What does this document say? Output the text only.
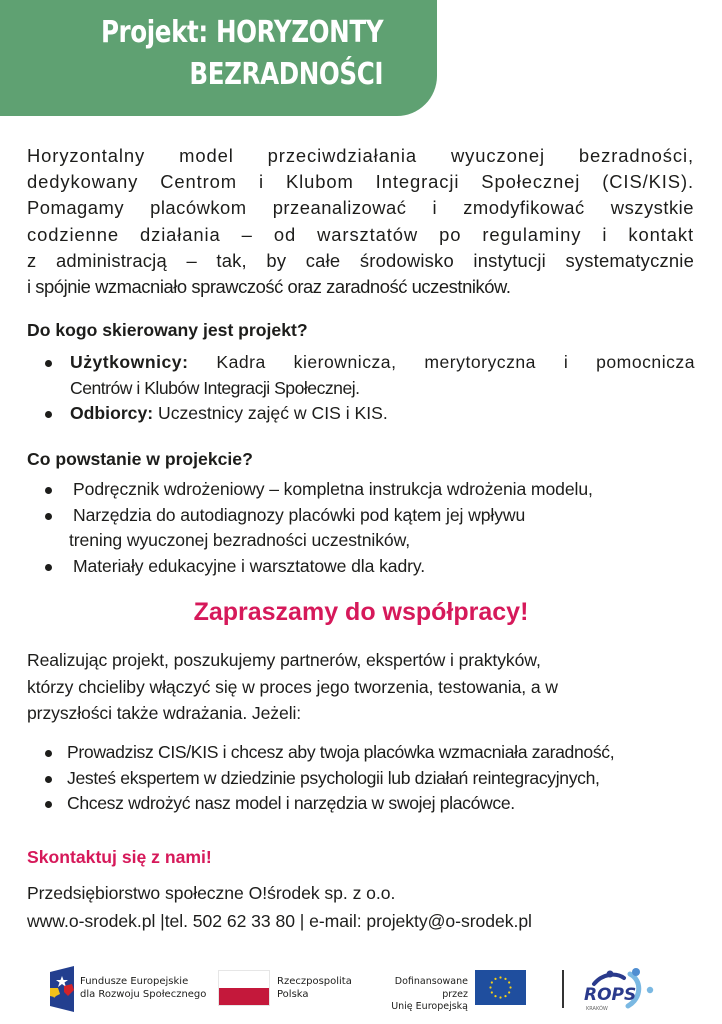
Projekt: HORYZONTY
BEZRADNOŚCI
Horyzontalny model przeciwdziałania wyuczonej bezradności,
dedykowany Centrom i Klubom Integracji Społecznej (CIS/KIS).
Pomagamy placówkom przeanalizować i zmodyfikować wszystkie
codzienne działania – od warsztatów po regulaminy i kontakt
z administracją – tak, by całe środowisko instytucji systematycznie
i spójnie wzmacniało sprawczość oraz zaradność uczestników.
Do kogo skierowany jest projekt?
Użytkownicy: Kadra kierownicza, merytoryczna i pomocnicza
Centrów i Klubów Integracji Społecznej.
Odbiorcy: Uczestnicy zajęć w CIS i KIS.
Co powstanie w projekcie?
Podręcznik wdrożeniowy – kompletna instrukcja wdrożenia modelu,
Narzędzia do autodiagnozy placówki pod kątem jej wpływu
trening wyuczonej bezradności uczestników,
Materiały edukacyjne i warsztatowe dla kadry.
Zapraszamy do współpracy!
Realizując projekt, poszukujemy partnerów, ekspertów i praktyków,
którzy chcieliby włączyć się w proces jego tworzenia, testowania, a w
przyszłości także wdrażania. Jeżeli:
Prowadzisz CIS/KIS i chcesz aby twoja placówka wzmacniała zaradność,
Jesteś ekspertem w dziedzinie psychologii lub działań reintegracyjnych,
Chcesz wdrożyć nasz model i narzędzia w swojej placówce.
Skontaktuj się z nami!
Przedsiębiorstwo społeczne O!środek sp. z o.o.
www.o-srodek.pl |tel. 502 62 33 80 | e-mail: projekty@o-srodek.pl
Fundusze Europejskie
dla Rozwoju Społecznego
Rzeczpospolita
Polska
Dofinansowane przez
Unię Europejską
ROPS
KRAKÓW
